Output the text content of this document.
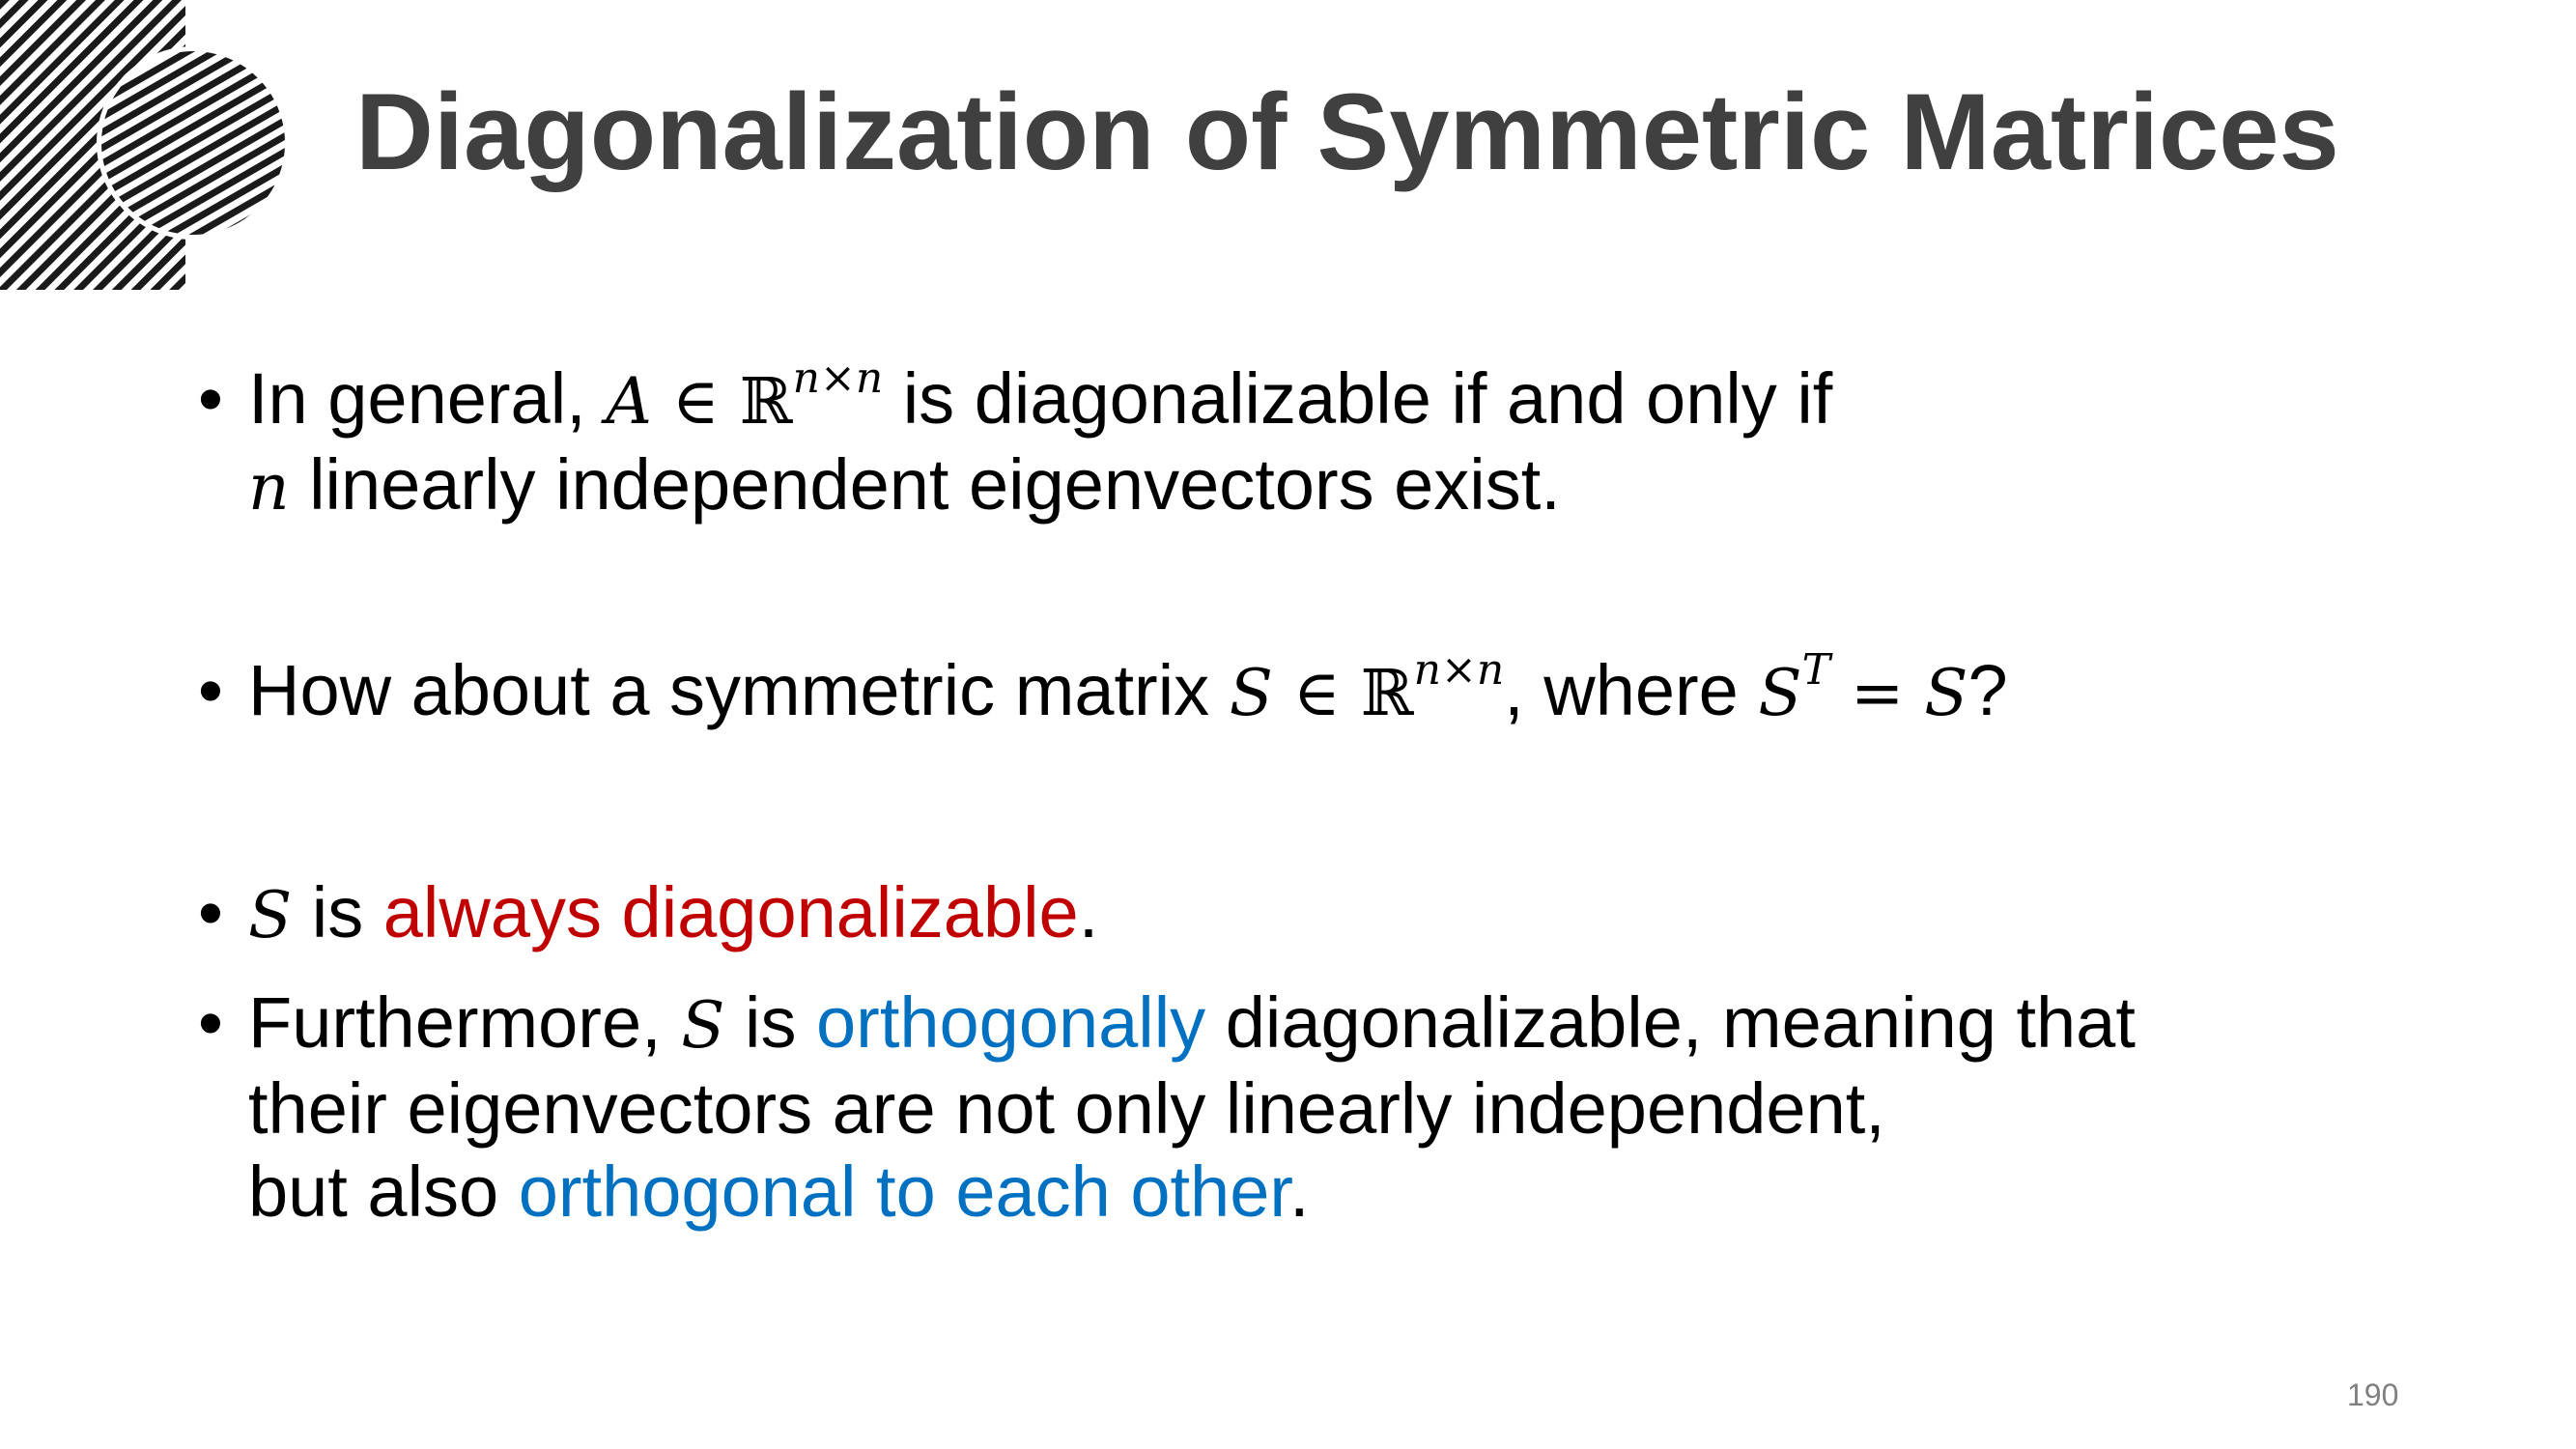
Diagonalization of Symmetric Matrices
• In general, A ∈ ℝ$^{n\times n}$ is diagonalizable if and only if
n linearly independent eigenvectors exist.
• How about a symmetric matrix S ∈ ℝ$^{n\times n}$, where $S^T = S$?
• S is always diagonalizable.
• Furthermore, S is orthogonally diagonalizable, meaning that
their eigenvectors are not only linearly independent,
but also orthogonal to each other.
190
